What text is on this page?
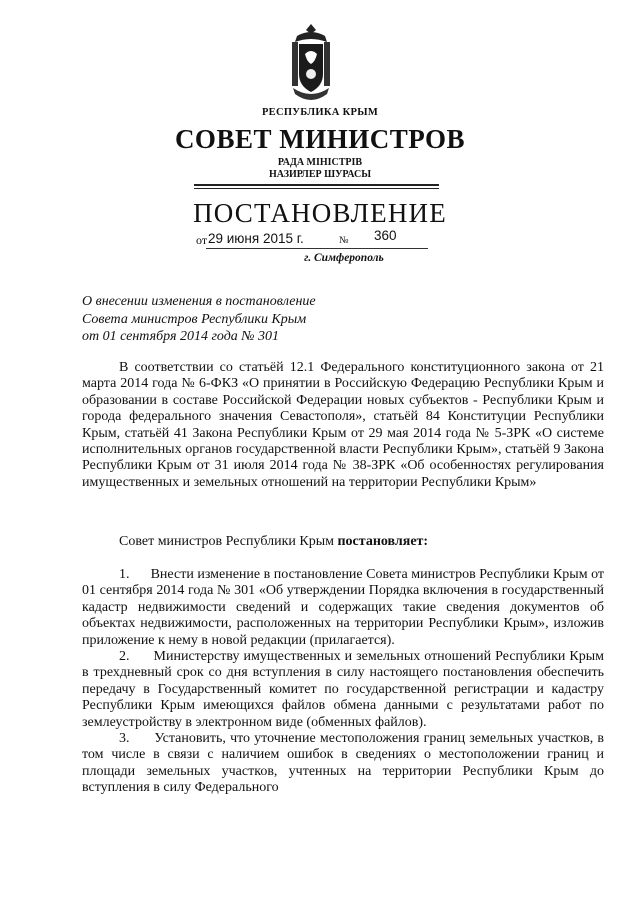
РЕСПУБЛИКА КРЫМ
СОВЕТ МИНИСТРОВ
РАДА МІНІСТРІВ
НАЗИРЛЕР ШУРАСЫ
ПОСТАНОВЛЕНИЕ
от 29 июня 2015 г.	№ 360
г. Симферополь
О внесении изменения в постановление
Совета министров Республики Крым
от 01 сентября 2014 года № 301

В соответствии со статьёй 12.1 Федерального конституционного закона от 21 марта 2014 года № 6-ФКЗ «О принятии в Российскую Федерацию Республики Крым и образовании в составе Российской Федерации новых субъектов - Республики Крым и города федерального значения Севастополя», статьёй 84 Конституции Республики Крым, статьёй 41 Закона Республики Крым от 29 мая 2014 года № 5-ЗРК «О системе исполнительных органов государственной власти Республики Крым», статьёй 9 Закона Республики Крым от 31 июля 2014 года № 38-ЗРК «Об особенностях регулирования имущественных и земельных отношений на территории Республики Крым»

Совет министров Республики Крым постановляет:

1. Внести изменение в постановление Совета министров Республики Крым от 01 сентября 2014 года № 301 «Об утверждении Порядка включения в государственный кадастр недвижимости сведений и содержащих такие сведения документов об объектах недвижимости, расположенных на территории Республики Крым», изложив приложение к нему в новой редакции (прилагается).

2. Министерству имущественных и земельных отношений Республики Крым в трехдневный срок со дня вступления в силу настоящего постановления обеспечить передачу в Государственный комитет по государственной регистрации и кадастру Республики Крым имеющихся файлов обмена данными с результатами работ по землеустройству в электронном виде (обменных файлов).

3. Установить, что уточнение местоположения границ земельных участков, в том числе в связи с наличием ошибок в сведениях о местоположении границ и площади земельных участков, учтенных на территории Республики Крым до вступления в силу Федерального
